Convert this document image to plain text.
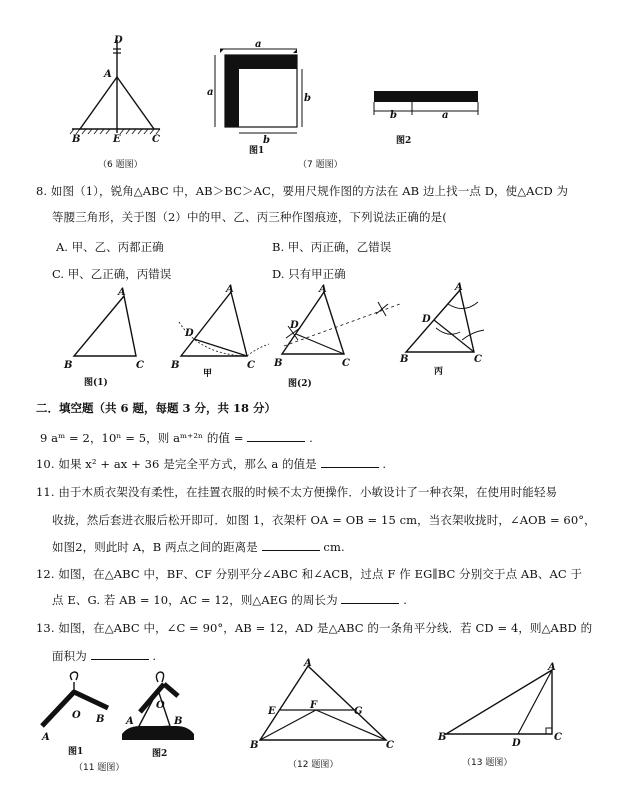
D
A
B	E	C
（6 题图）
a
a
b
b
图1
b	a
图2
（7 题图）
8. 如图（1），锐角△ABC 中，AB＞BC＞AC，要用尺规作图的方法在 AB 边上找一点 D，使△ACD 为
等腰三角形，关于图（2）中的甲、乙、丙三种作图痕迹，下列说法正确的是(
A. 甲、乙、丙都正确	B. 甲、丙正确，乙错误
C. 甲、乙正确，丙错误	D. 只有甲正确
A
B	C
图(1)
A
D
B	C
甲
A
D
B	C
图(2)
A
D
B	C
丙
二．填空题（共 6 题，每题 3 分，共 18 分）
9 aᵐ = 2，10ⁿ = 5，则 aᵐ⁺²ⁿ 的值 =	.
10. 如果 x² + ax + 36 是完全平方式，那么 a 的值是	.
11. 由于木质衣架没有柔性，在挂置衣服的时候不太方便操作．小敏设计了一种衣架，在使用时能轻易
收拢，然后套进衣服后松开即可．如图 1，衣架杆 OA = OB = 15 cm，当衣架收拢时，∠AOB = 60°，
如图2，则此时 A，B 两点之间的距离是	cm.
12. 如图，在△ABC 中，BF、CF 分别平分∠ABC 和∠ACB，过点 F 作 EG∥BC 分别交于点 AB、AC 于
点 E、G. 若 AB = 10，AC = 12，则△AEG 的周长为	.
13. 如图，在△ABC 中，∠C = 90°，AB = 12，AD 是△ABC 的一条角平分线．若 CD = 4，则△ABD 的
面积为	.
O B
A
图1
O
A	B
图2
（11 题图）
A
E
F
G
B	C
（12 题图）
A
B
D
C
（13 题图）
